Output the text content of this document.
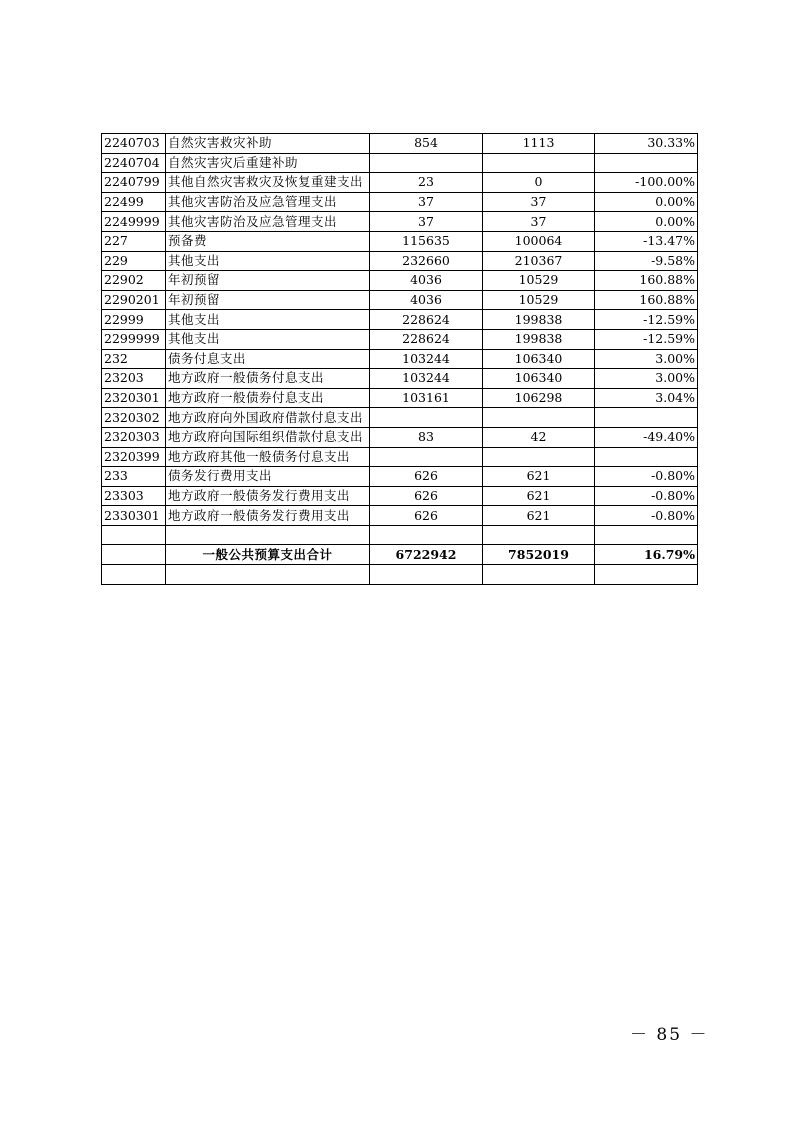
2240703	自然灾害救灾补助	854	1113	30.33%
2240704	自然灾害灾后重建补助			
2240799	其他自然灾害救灾及恢复重建支出	23	0	-100.00%
22499	其他灾害防治及应急管理支出	37	37	0.00%
2249999	其他灾害防治及应急管理支出	37	37	0.00%
227	预备费	115635	100064	-13.47%
229	其他支出	232660	210367	-9.58%
22902	年初预留	4036	10529	160.88%
2290201	年初预留	4036	10529	160.88%
22999	其他支出	228624	199838	-12.59%
2299999	其他支出	228624	199838	-12.59%
232	债务付息支出	103244	106340	3.00%
23203	地方政府一般债务付息支出	103244	106340	3.00%
2320301	地方政府一般债券付息支出	103161	106298	3.04%
2320302	地方政府向外国政府借款付息支出			
2320303	地方政府向国际组织借款付息支出	83	42	-49.40%
2320399	地方政府其他一般债务付息支出			
233	债务发行费用支出	626	621	-0.80%
23303	地方政府一般债务发行费用支出	626	621	-0.80%
2330301	地方政府一般债务发行费用支出	626	621	-0.80%

	一般公共预算支出合计	6722942	7852019	16.79%

－ 85 －
